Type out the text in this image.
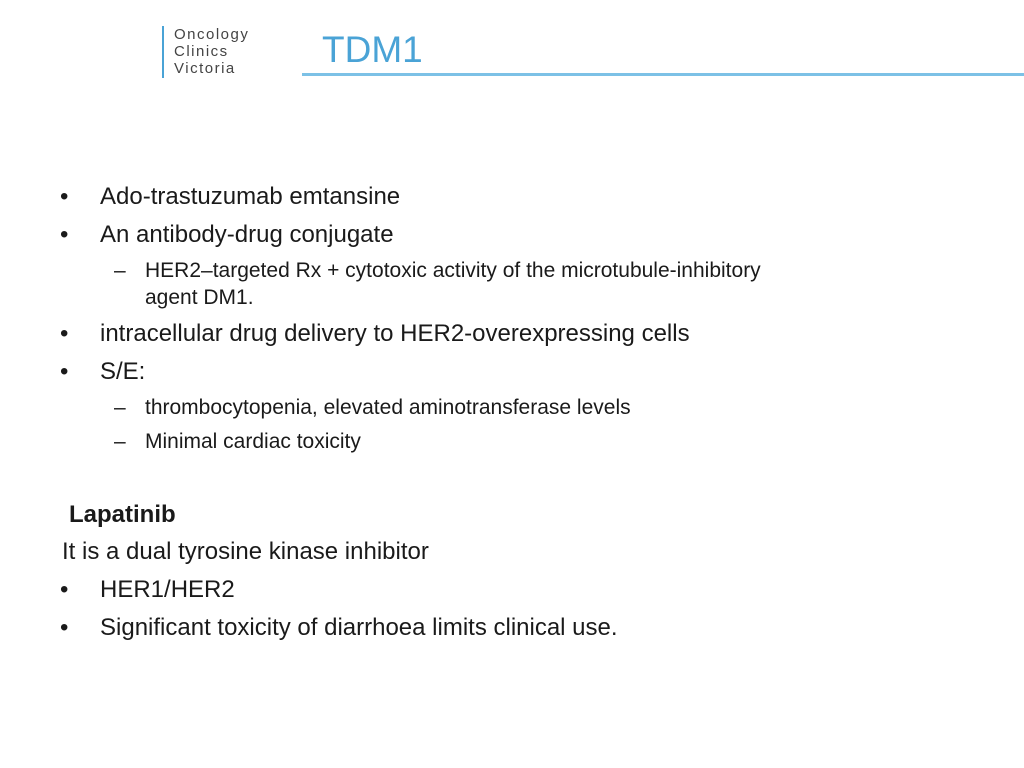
Oncology
Clinics
Victoria	TDM1
• Ado-trastuzumab emtansine
• An antibody-drug conjugate
– HER2–targeted Rx + cytotoxic activity of the microtubule-inhibitory
agent DM1.
• intracellular drug delivery to HER2-overexpressing cells
• S/E:
– thrombocytopenia, elevated aminotransferase levels
– Minimal cardiac toxicity
Lapatinib
It is a dual tyrosine kinase inhibitor
• HER1/HER2
• Significant toxicity of diarrhoea limits clinical use.
